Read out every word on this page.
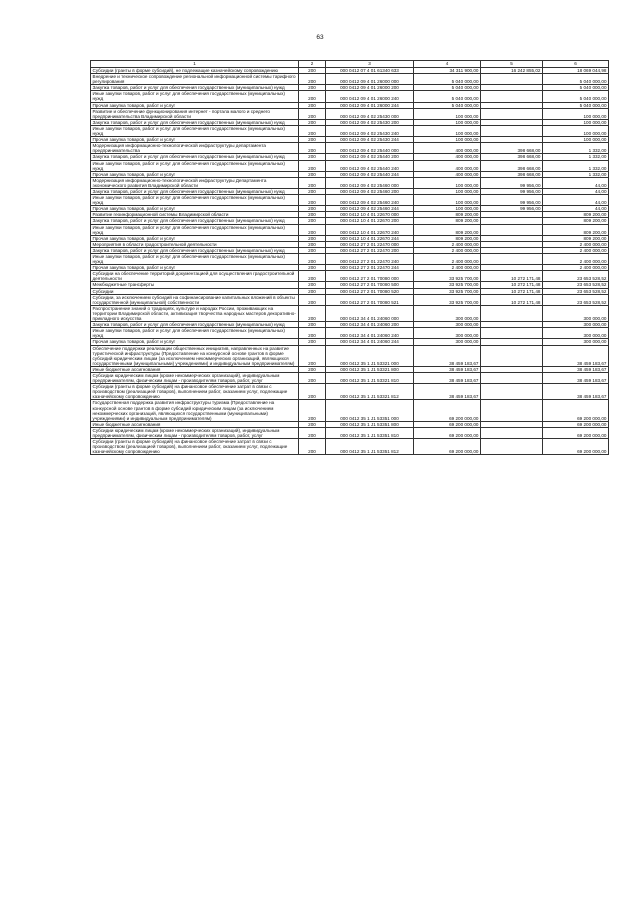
63
1	2	3	4	5	6
Субсидии (гранты в форме субсидий), не подлежащие казначейскому сопровождению	200	000 0412 07 4 01 61340 633	34 311 900,00	16 242 855,02	18 069 044,98
Внедрение и техническое сопровождение региональной информационной системы тарифного регулирования	200	000 0412 09 4 01 26000 000	5 040 000,00		5 040 000,00
Закупка товаров, работ и услуг для обеспечения государственных (муниципальных) нужд	200	000 0412 09 4 01 26000 200	5 040 000,00		5 040 000,00
Иные закупки товаров, работ и услуг для обеспечения государственных (муниципальных) нужд	200	000 0412 09 4 01 26000 240	5 040 000,00		5 040 000,00
Прочая закупка товаров, работ и услуг	200	000 0412 09 4 01 26000 244	5 040 000,00		5 040 000,00
Развитие и обеспечение функционирования интернет - портала малого и среднего предпринимательства Владимирской области	200	000 0412 09 4 02 25430 000	100 000,00		100 000,00
Закупка товаров, работ и услуг для обеспечения государственных (муниципальных) нужд	200	000 0412 09 4 02 25430 200	100 000,00		100 000,00
Иные закупки товаров, работ и услуг для обеспечения государственных (муниципальных) нужд	200	000 0412 09 4 02 25430 240	100 000,00		100 000,00
Прочая закупка товаров, работ и услуг	200	000 0412 09 4 02 25430 244	100 000,00		100 000,00
Модернизация информационно-технологической инфраструктуры департамента предпринимательства	200	000 0412 09 4 02 25440 000	400 000,00	398 668,00	1 332,00
Закупка товаров, работ и услуг для обеспечения государственных (муниципальных) нужд	200	000 0412 09 4 02 25440 200	400 000,00	398 668,00	1 332,00
Иные закупки товаров, работ и услуг для обеспечения государственных (муниципальных) нужд	200	000 0412 09 4 02 25440 240	400 000,00	398 668,00	1 332,00
Прочая закупка товаров, работ и услуг	200	000 0412 09 4 02 25440 244	400 000,00	398 668,00	1 332,00
Модернизация информационно-технологической инфраструктуры Департамента экономического развития Владимирской области	200	000 0412 09 4 02 25460 000	100 000,00	99 956,00	44,00
Закупка товаров, работ и услуг для обеспечения государственных (муниципальных) нужд	200	000 0412 09 4 02 25460 200	100 000,00	99 956,00	44,00
Иные закупки товаров, работ и услуг для обеспечения государственных (муниципальных) нужд	200	000 0412 09 4 02 25460 240	100 000,00	99 956,00	44,00
Прочая закупка товаров, работ и услуг	200	000 0412 09 4 02 25460 244	100 000,00	99 956,00	44,00
Развитие геоинформационной системы Владимирской области	200	000 0412 10 4 01 22670 000	809 200,00		809 200,00
Закупка товаров, работ и услуг для обеспечения государственных (муниципальных) нужд	200	000 0412 10 4 01 22670 200	809 200,00		809 200,00
Иные закупки товаров, работ и услуг для обеспечения государственных (муниципальных) нужд	200	000 0412 10 4 01 22670 240	809 200,00		809 200,00
Прочая закупка товаров, работ и услуг	200	000 0412 10 4 01 22670 244	809 200,00		809 200,00
Мероприятия в области градостроительной деятельности	200	000 0412 27 2 01 22470 000	2 400 000,00		2 400 000,00
Закупка товаров, работ и услуг для обеспечения государственных (муниципальных) нужд	200	000 0412 27 2 01 22470 200	2 400 000,00		2 400 000,00
Иные закупки товаров, работ и услуг для обеспечения государственных (муниципальных) нужд	200	000 0412 27 2 01 22470 240	2 400 000,00		2 400 000,00
Прочая закупка товаров, работ и услуг	200	000 0412 27 2 01 22470 244	2 400 000,00		2 400 000,00
Субсидии на обеспечение территорий документацией для осуществления градостроительной деятельности	200	000 0412 27 2 01 70080 000	33 925 700,00	10 272 171,48	23 653 528,52
Межбюджетные трансферты	200	000 0412 27 2 01 70080 500	33 925 700,00	10 272 171,48	23 653 528,52
Субсидии	200	000 0412 27 2 01 70080 520	33 925 700,00	10 272 171,48	23 653 528,52
Субсидии, за исключением субсидий на софинансирование капитальных вложений в объекты государственной (муниципальной) собственности	200	000 0412 27 2 01 70080 521	33 925 700,00	10 272 171,48	23 653 528,52
Распространение знаний о традициях, культуре и народах России, проживающих на территории Владимирской области, активизация творчества народных мастеров декоративно-прикладного искусства	200	000 0412 34 4 01 24060 000	300 000,00		300 000,00
Закупка товаров, работ и услуг для обеспечения государственных (муниципальных) нужд	200	000 0412 34 4 01 24060 200	300 000,00		300 000,00
Иные закупки товаров, работ и услуг для обеспечения государственных (муниципальных) нужд	200	000 0412 34 4 01 24060 240	300 000,00		300 000,00
Прочая закупка товаров, работ и услуг	200	000 0412 34 4 01 24060 244	300 000,00		300 000,00
Обеспечение поддержки реализации общественных инициатив, направленных на развитие туристической инфраструктуры (Предоставление на конкурсной основе грантов в форме субсидий юридическим лицам (за исключением некоммерческих организаций, являющихся государственными (муниципальными) учреждениями) и индивидуальным предпринимателям)	200	000 0412 35 1 J1 53321 000	38 459 183,67		38 459 183,67
Иные бюджетные ассигнования	200	000 0412 35 1 J1 53321 800	38 459 183,67		38 459 183,67
Субсидии юридическим лицам (кроме некоммерческих организаций), индивидуальным предпринимателям, физическим лицам - производителям товаров, работ, услуг	200	000 0412 35 1 J1 53321 810	38 459 183,67		38 459 183,67
Субсидии (гранты в форме субсидий) на финансовое обеспечение затрат в связи с производством (реализацией товаров), выполнением работ, оказанием услуг, подлежащие казначейскому сопровождению	200	000 0412 35 1 J1 53321 812	38 459 183,67		38 459 183,67
Государственная поддержка развития инфраструктуры туризма (Предоставление на конкурсной основе грантов в форме субсидий юридическим лицам (за исключением некоммерческих организаций, являющихся государственными (муниципальными) учреждениями) и индивидуальным предпринимателям)	200	000 0412 35 1 J1 53351 000	69 200 000,00		69 200 000,00
Иные бюджетные ассигнования	200	000 0412 35 1 J1 53351 800	69 200 000,00		69 200 000,00
Субсидии юридическим лицам (кроме некоммерческих организаций), индивидуальным предпринимателям, физическим лицам - производителям товаров, работ, услуг	200	000 0412 35 1 J1 53351 810	69 200 000,00		69 200 000,00
Субсидии (гранты в форме субсидий) на финансовое обеспечение затрат в связи с производством (реализацией товаров), выполнением работ, оказанием услуг, подлежащие казначейскому сопровождению	200	000 0412 35 1 J1 53351 812	69 200 000,00		69 200 000,00
